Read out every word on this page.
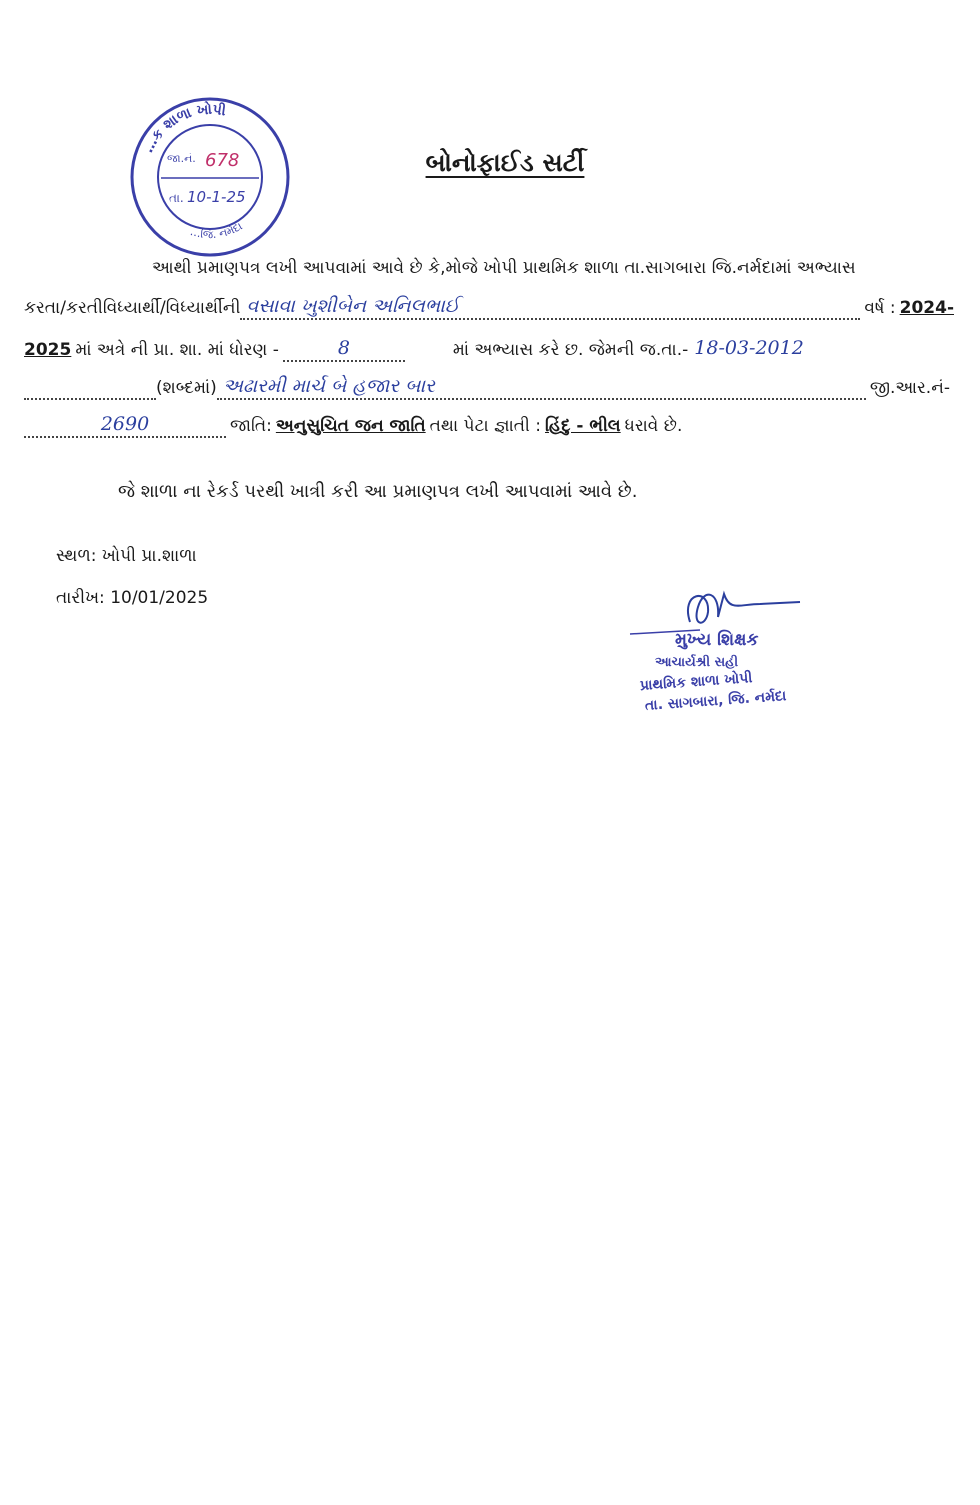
…ક શાળા ખોપી
…જિ. નર્મદા
જા.નં. 678
તા. 10-1-25
બોનોફાઈડ સર્ટી
આથી પ્રમાણપત્ર લખી આપવામાં આવે છે કે,મોજે ખોપી પ્રાથમિક શાળા તા.સાગબારા જિ.નર્મદામાં અભ્યાસ
કરતા/કરતીવિધ્યાર્થી/વિધ્યાર્થીની વસાવા ખુશીબેન અનિલભાઈ	વર્ષ : 2024-
2025 માં અત્રે ની પ્રા. શા. માં ધોરણ -	8	માં અભ્યાસ કરે છ. જેમની જ.તા.- 18-03-2012
(શબ્દમાં) અઢારમી માર્ચ બે હજાર બાર	જી.આર.નં-
2690	જાતિ: અનુસુચિત જન જાતિ તથા પેટા જ્ઞાતી : હિંદુ - ભીલ ધરાવે છે.
જે શાળા ના રેકર્ડ પરથી ખાત્રી કરી આ પ્રમાણપત્ર લખી આપવામાં આવે છે.
સ્થળ: ખોપી પ્રા.શાળા
તારીખ: 10/01/2025
મુખ્ય શિક્ષક
આચાર્યશ્રી સહી
પ્રાથમિક શાળા ખોપી
તા. સાગબારા, જિ. નર્મદા
